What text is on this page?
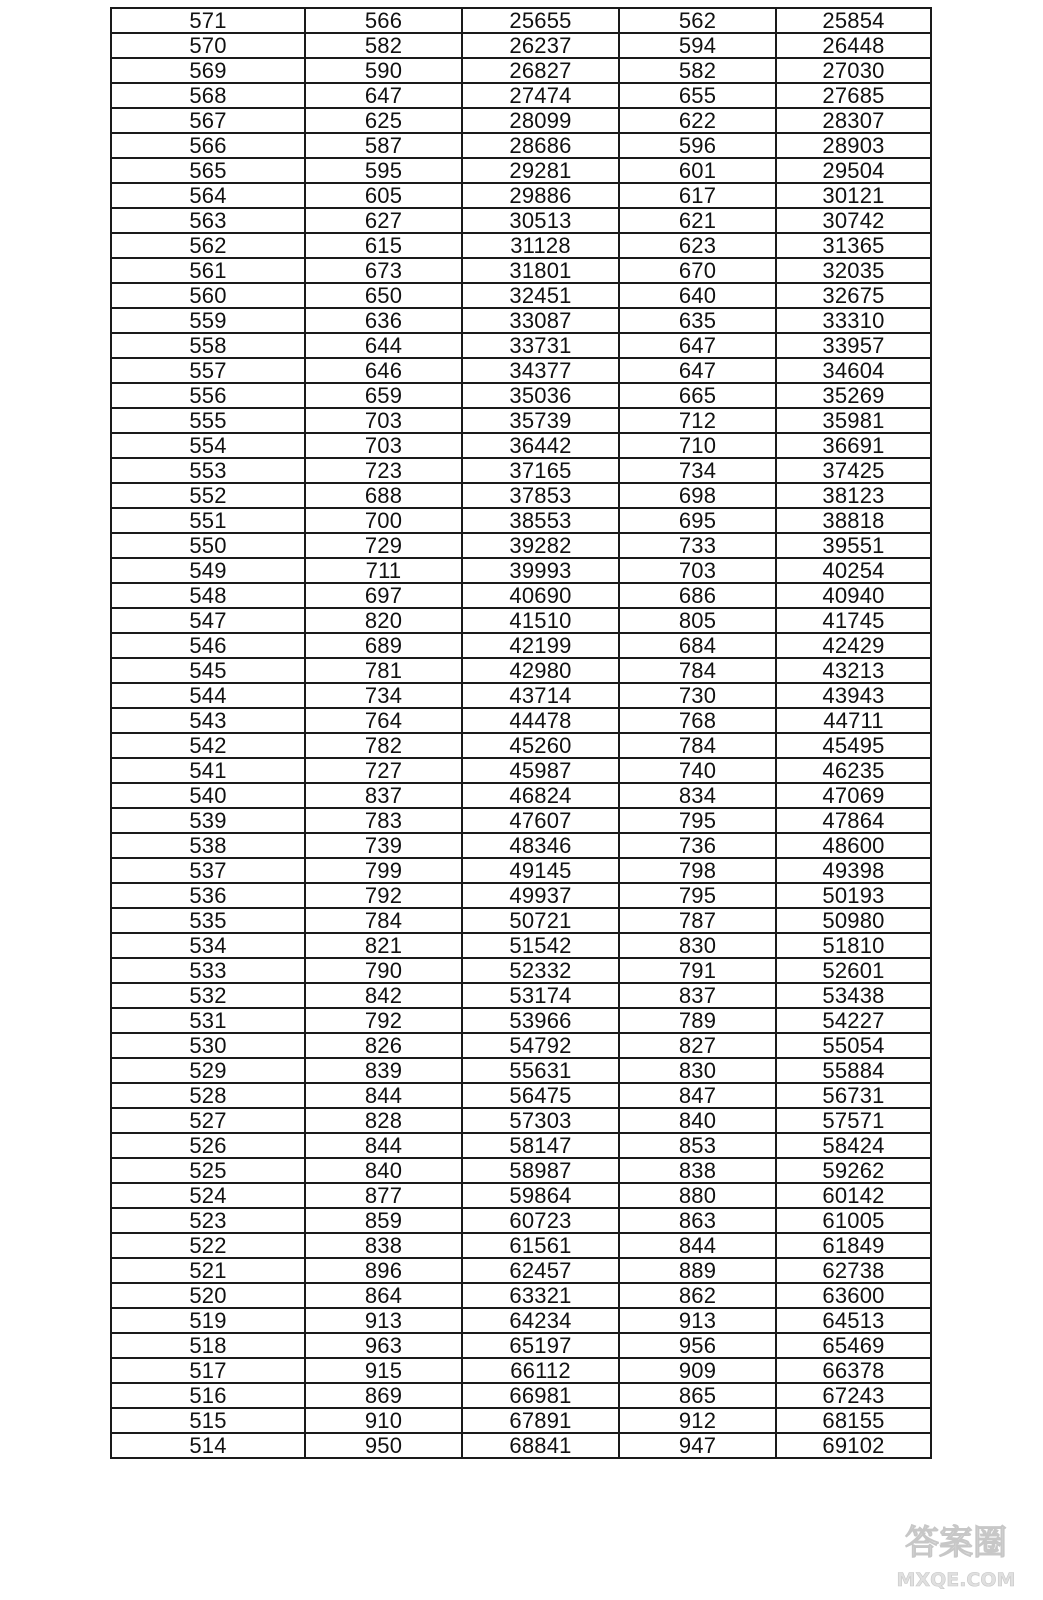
571	566	25655	562	25854
570	582	26237	594	26448
569	590	26827	582	27030
568	647	27474	655	27685
567	625	28099	622	28307
566	587	28686	596	28903
565	595	29281	601	29504
564	605	29886	617	30121
563	627	30513	621	30742
562	615	31128	623	31365
561	673	31801	670	32035
560	650	32451	640	32675
559	636	33087	635	33310
558	644	33731	647	33957
557	646	34377	647	34604
556	659	35036	665	35269
555	703	35739	712	35981
554	703	36442	710	36691
553	723	37165	734	37425
552	688	37853	698	38123
551	700	38553	695	38818
550	729	39282	733	39551
549	711	39993	703	40254
548	697	40690	686	40940
547	820	41510	805	41745
546	689	42199	684	42429
545	781	42980	784	43213
544	734	43714	730	43943
543	764	44478	768	44711
542	782	45260	784	45495
541	727	45987	740	46235
540	837	46824	834	47069
539	783	47607	795	47864
538	739	48346	736	48600
537	799	49145	798	49398
536	792	49937	795	50193
535	784	50721	787	50980
534	821	51542	830	51810
533	790	52332	791	52601
532	842	53174	837	53438
531	792	53966	789	54227
530	826	54792	827	55054
529	839	55631	830	55884
528	844	56475	847	56731
527	828	57303	840	57571
526	844	58147	853	58424
525	840	58987	838	59262
524	877	59864	880	60142
523	859	60723	863	61005
522	838	61561	844	61849
521	896	62457	889	62738
520	864	63321	862	63600
519	913	64234	913	64513
518	963	65197	956	65469
517	915	66112	909	66378
516	869	66981	865	67243
515	910	67891	912	68155
514	950	68841	947	69102
答案圈
MXQE.COM
